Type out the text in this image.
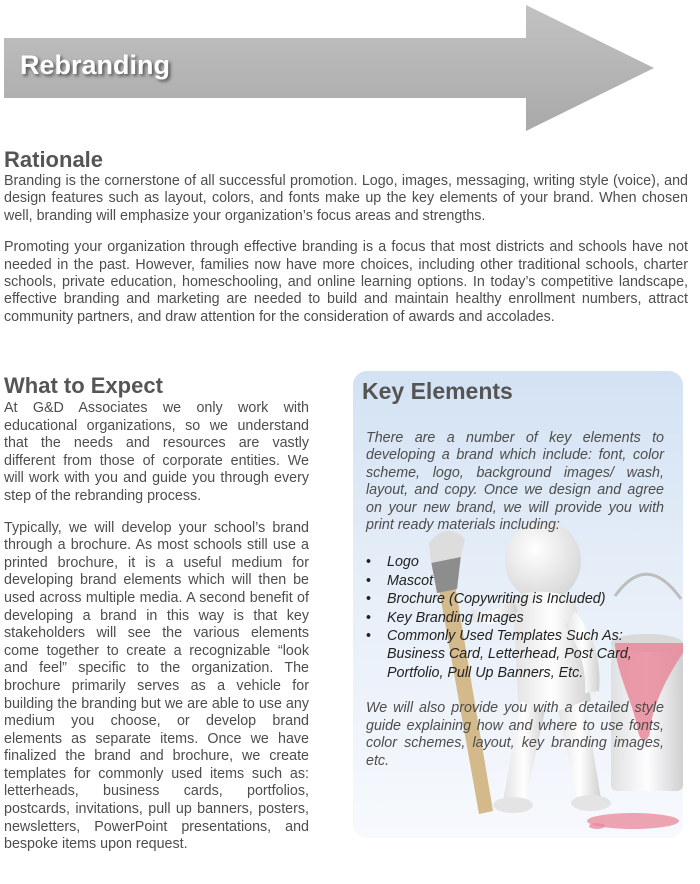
Rebranding
Rationale

Branding is the cornerstone of all successful promotion. Logo, images, messaging, writing style (voice), and design features such as layout, colors, and fonts make up the key elements of your brand. When chosen well, branding will emphasize your organization’s focus areas and strengths.

Promoting your organization through effective branding is a focus that most districts and schools have not needed in the past. However, families now have more choices, including other traditional schools, charter schools, private education, homeschooling, and online learning options. In today’s competitive landscape, effective branding and marketing are needed to build and maintain healthy enrollment numbers, attract community partners, and draw attention for the consideration of awards and accolades.

What to Expect

At G&D Associates we only work with educational organizations, so we understand that the needs and resources are vastly different from those of corporate entities. We will work with you and guide you through every step of the rebranding process.

Typically, we will develop your school’s brand through a brochure. As most schools still use a printed brochure, it is a useful medium for developing brand elements which will then be used across multiple media. A second benefit of developing a brand in this way is that key stakeholders will see the various elements come together to create a recognizable “look and feel” specific to the organization. The brochure primarily serves as a vehicle for building the branding but we are able to use any medium you choose, or develop brand elements as separate items. Once we have finalized the brand and brochure, we create templates for commonly used items such as: letterheads, business cards, portfolios, postcards, invitations, pull up banners, posters, newsletters, PowerPoint presentations, and bespoke items upon request.

Key Elements

There are a number of key elements to developing a brand which include: font, color scheme, logo, background images/ wash, layout, and copy. Once we design and agree on your new brand, we will provide you with print ready materials including:

• Logo
• Mascot
• Brochure (Copywriting is Included)
• Key Branding Images
• Commonly Used Templates Such As: Business Card, Letterhead, Post Card, Portfolio, Pull Up Banners, Etc.

We will also provide you with a detailed style guide explaining how and where to use fonts, color schemes, layout, key branding images, etc.
